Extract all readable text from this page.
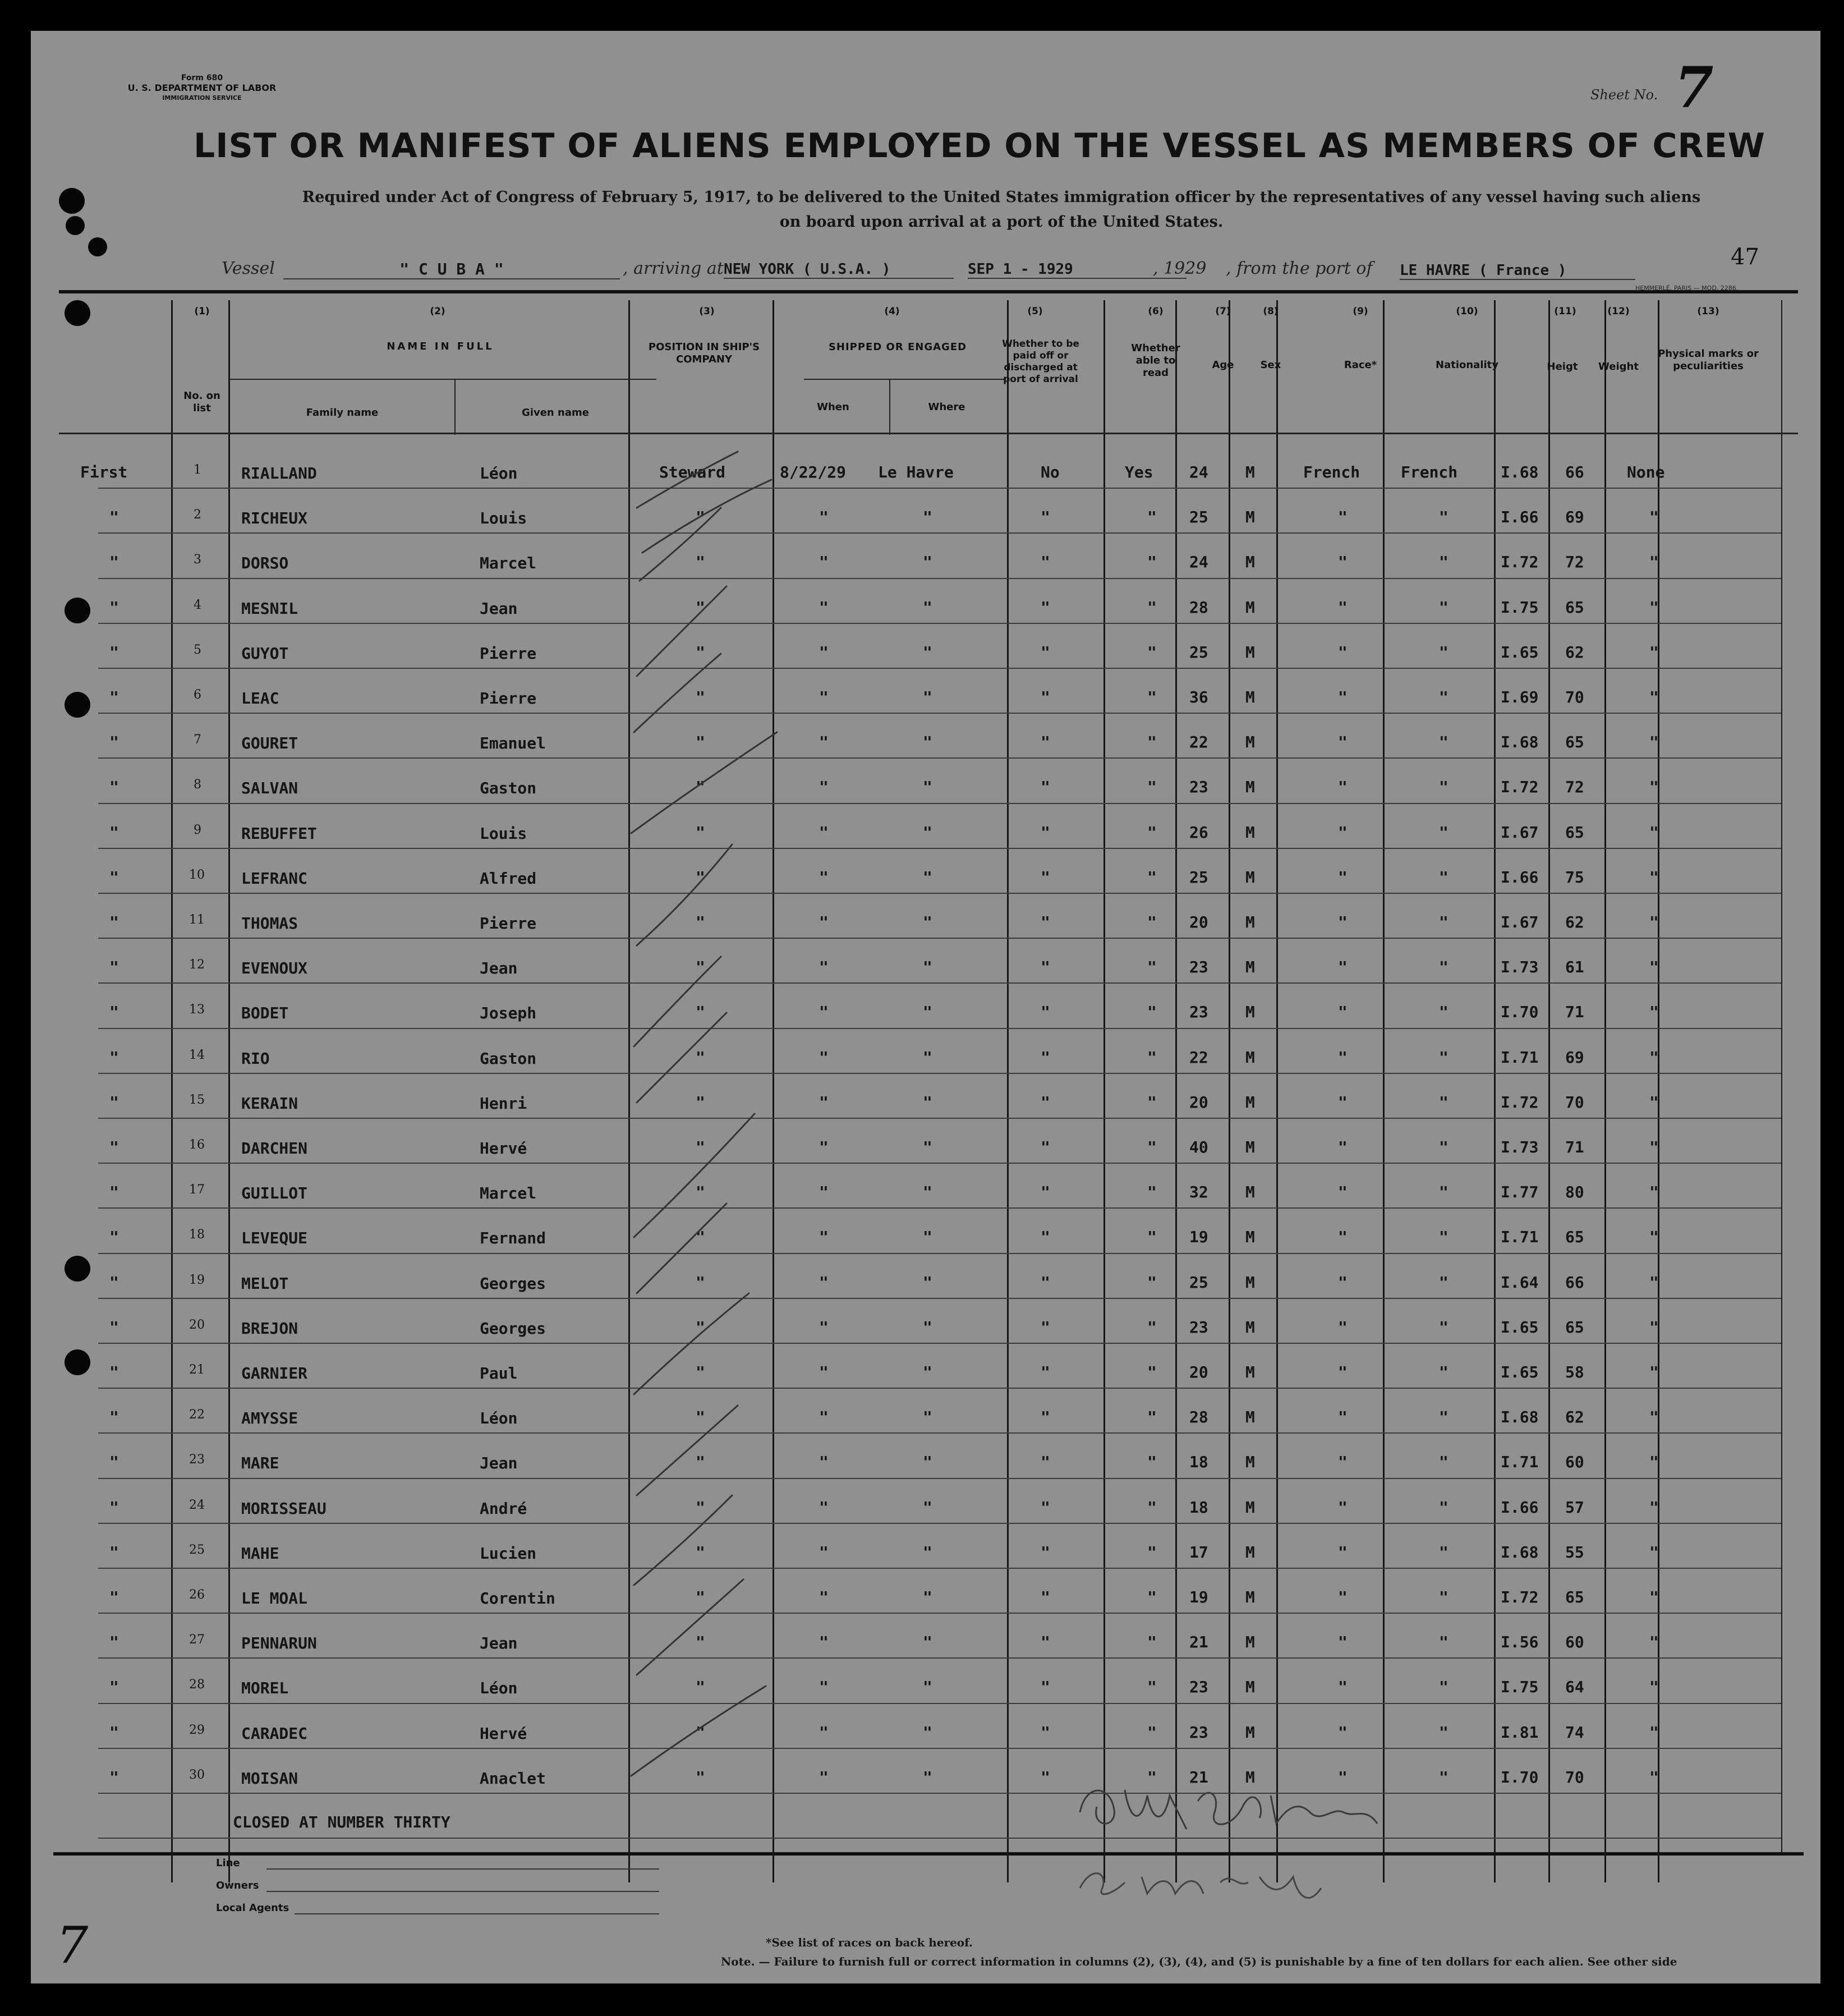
Form 680
U. S. DEPARTMENT OF LABOR
IMMIGRATION SERVICE	Sheet No. 7
LIST OR MANIFEST OF ALIENS EMPLOYED ON THE VESSEL AS MEMBERS OF CREW
Required under Act of Congress of February 5, 1917, to be delivered to the United States immigration officer by the representatives of any vessel having such aliens
on board upon arrival at a port of the United States.
Vessel	" C U B A "	, arriving at NEW YORK ( U.S.A. )	SEP 1 - 1929	, 1929 , from the port of LE HAVRE ( France )
47
HEMMERLÉ, PARIS — MOD. 2286.
(1)	(2)	(3)	(4)	(5)	(6)	(7)	(8)	(9)	(10)	(11)	(12)	(13)
No. on list
NAME IN FULL
Family name	Given name
POSITION IN SHIP'S COMPANY
SHIPPED OR ENGAGED
When	Where
Whether to be paid off or discharged at port of arrival
Whether able to read
Age	Sex	Race*	Nationality	Heigt	Weight
Physical marks or peculiarities
First	1	RIALLAND	Léon	Steward	8/22/29 Le Havre	No	Yes 24 M	French	French	I.68 66	None
"	2	RICHEUX	Louis	"	"	"	"	" 25 M	"	"	I.66 69	"
"	3	DORSO	Marcel	"	"	"	"	" 24 M	"	"	I.72 72	"
"	4	MESNIL	Jean	"	"	"	"	" 28 M	"	"	I.75 65	"
"	5	GUYOT	Pierre	"	"	"	"	" 25 M	"	"	I.65 62	"
"	6	LEAC	Pierre	"	"	"	"	" 36 M	"	"	I.69 70	"
"	7	GOURET	Emanuel	"	"	"	"	" 22 M	"	"	I.68 65	"
"	8	SALVAN	Gaston	"	"	"	"	" 23 M	"	"	I.72 72	"
"	9	REBUFFET	Louis	"	"	"	"	" 26 M	"	"	I.67 65	"
"	10 LEFRANC	Alfred	"	"	"	"	" 25 M	"	"	I.66 75	"
"	11 THOMAS	Pierre	"	"	"	"	" 20 M	"	"	I.67 62	"
"	12 EVENOUX	Jean	"	"	"	"	" 23 M	"	"	I.73 61	"
"	13 BODET	Joseph	"	"	"	"	" 23 M	"	"	I.70 71	"
"	14 RIO	Gaston	"	"	"	"	" 22 M	"	"	I.71 69	"
"	15 KERAIN	Henri	"	"	"	"	" 20 M	"	"	I.72 70	"
"	16 DARCHEN	Hervé	"	"	"	"	" 40 M	"	"	I.73 71	"
"	17 GUILLOT	Marcel	"	"	"	"	" 32 M	"	"	I.77 80	"
"	18 LEVEQUE	Fernand	"	"	"	"	" 19 M	"	"	I.71 65	"
"	19 MELOT	Georges	"	"	"	"	" 25 M	"	"	I.64 66	"
"	20 BREJON	Georges	"	"	"	"	" 23 M	"	"	I.65 65	"
"	21 GARNIER	Paul	"	"	"	"	" 20 M	"	"	I.65 58	"
"	22 AMYSSE	Léon	"	"	"	"	" 28 M	"	"	I.68 62	"
"	23 MARE	Jean	"	"	"	"	" 18 M	"	"	I.71 60	"
"	24 MORISSEAU	André	"	"	"	"	" 18 M	"	"	I.66 57	"
"	25 MAHE	Lucien	"	"	"	"	" 17 M	"	"	I.68 55	"
"	26 LE MOAL	Corentin	"	"	"	"	" 19 M	"	"	I.72 65	"
"	27 PENNARUN	Jean	"	"	"	"	" 21 M	"	"	I.56 60	"
"	28 MOREL	Léon	"	"	"	"	" 23 M	"	"	I.75 64	"
"	29 CARADEC	Hervé	"	"	"	"	" 23 M	"	"	I.81 74	"
"	30 MOISAN	Anaclet	"	"	"	"	" 21 M	"	"	I.70 70	"
CLOSED AT NUMBER THIRTY
Line
Owners
Local Agents
*See list of races on back hereof.
Note. — Failure to furnish full or correct information in columns (2), (3), (4), and (5) is punishable by a fine of ten dollars for each alien. See other side
7
